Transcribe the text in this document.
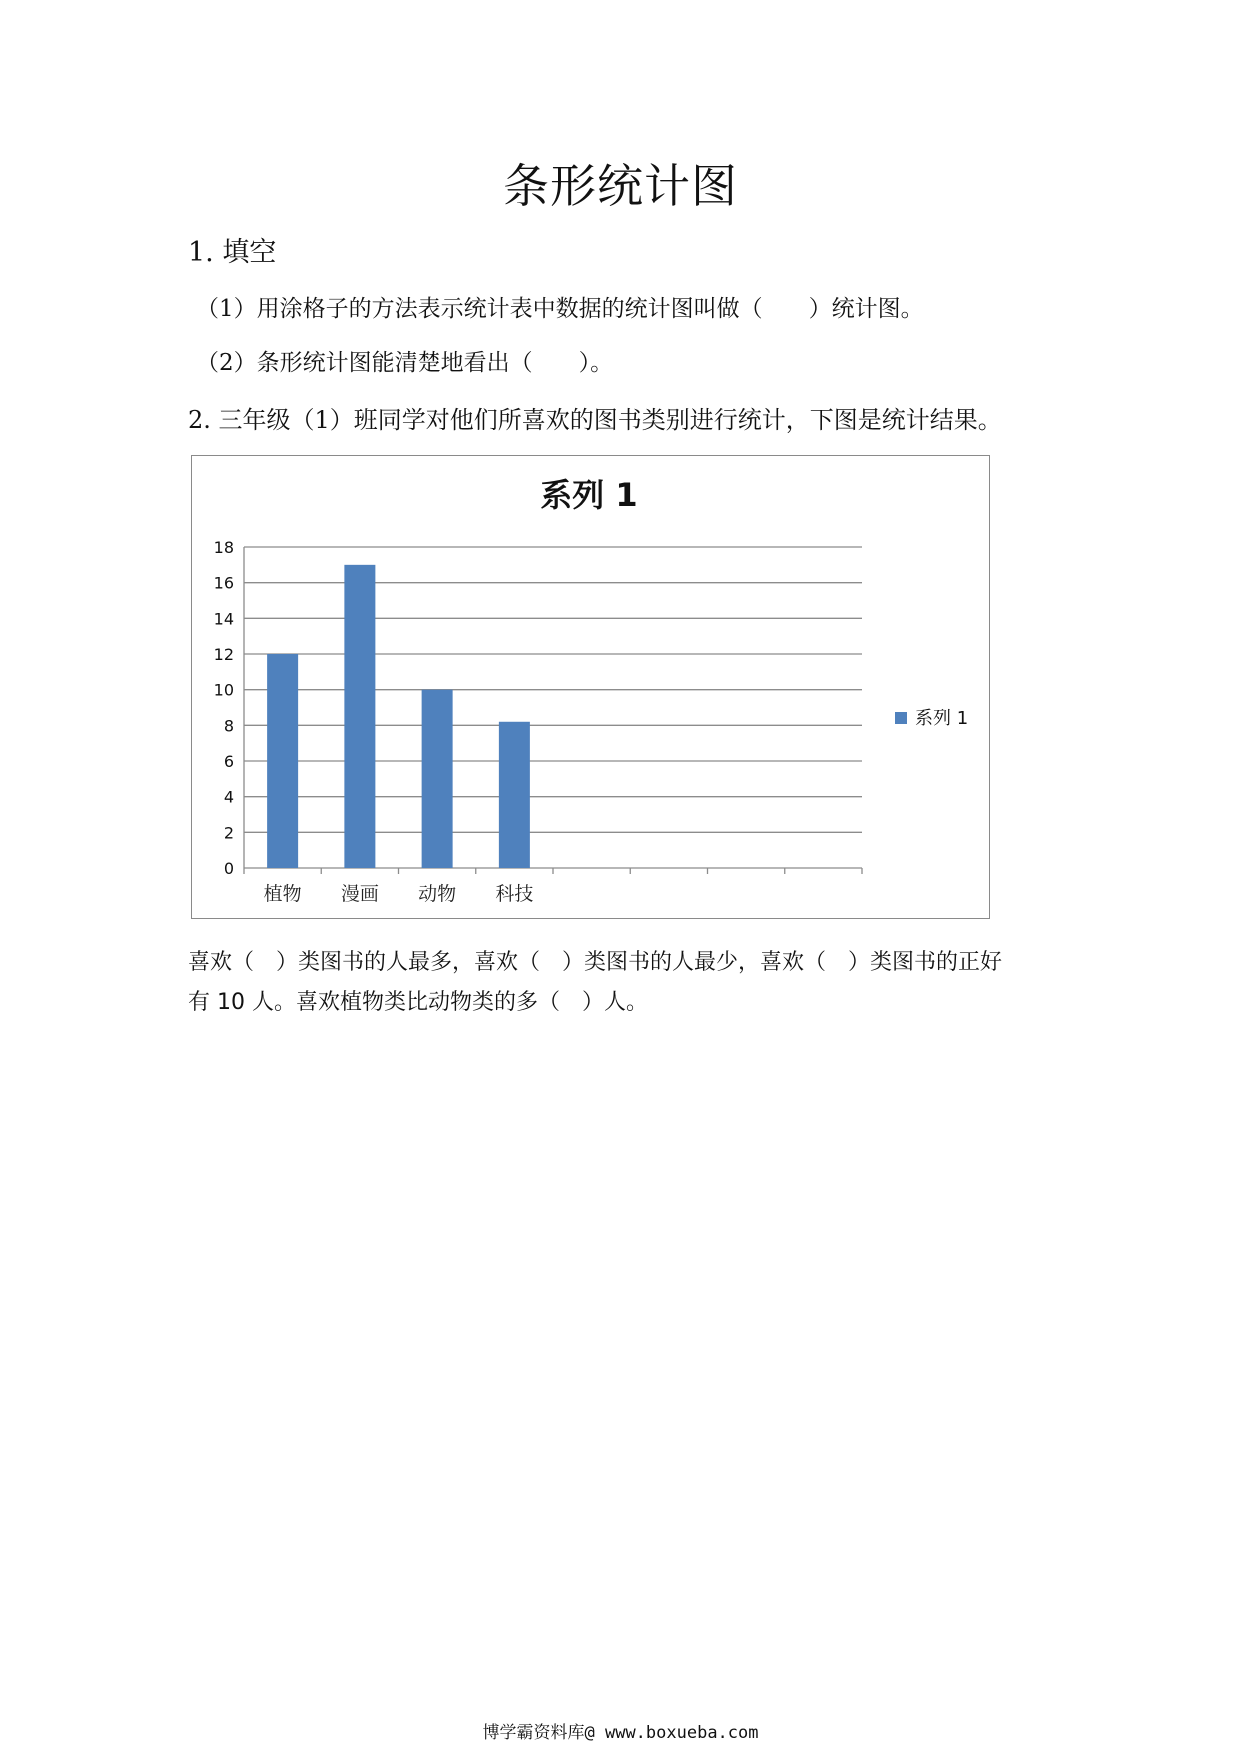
条形统计图

1. 填空

（1）用涂格子的方法表示统计表中数据的统计图叫做（　　）统计图。

（2）条形统计图能清楚地看出（　　）。

2. 三年级（1）班同学对他们所喜欢的图书类别进行统计，下图是统计结果。

系列 1
0
2
4
6
8
10
12
14
16
18
植物 漫画 动物 科技
系列 1

喜欢（　）类图书的人最多，喜欢（　）类图书的人最少，喜欢（　）类图书的正好

有 10 人。喜欢植物类比动物类的多（　）人。

博学霸资料库@ www.boxueba.com
